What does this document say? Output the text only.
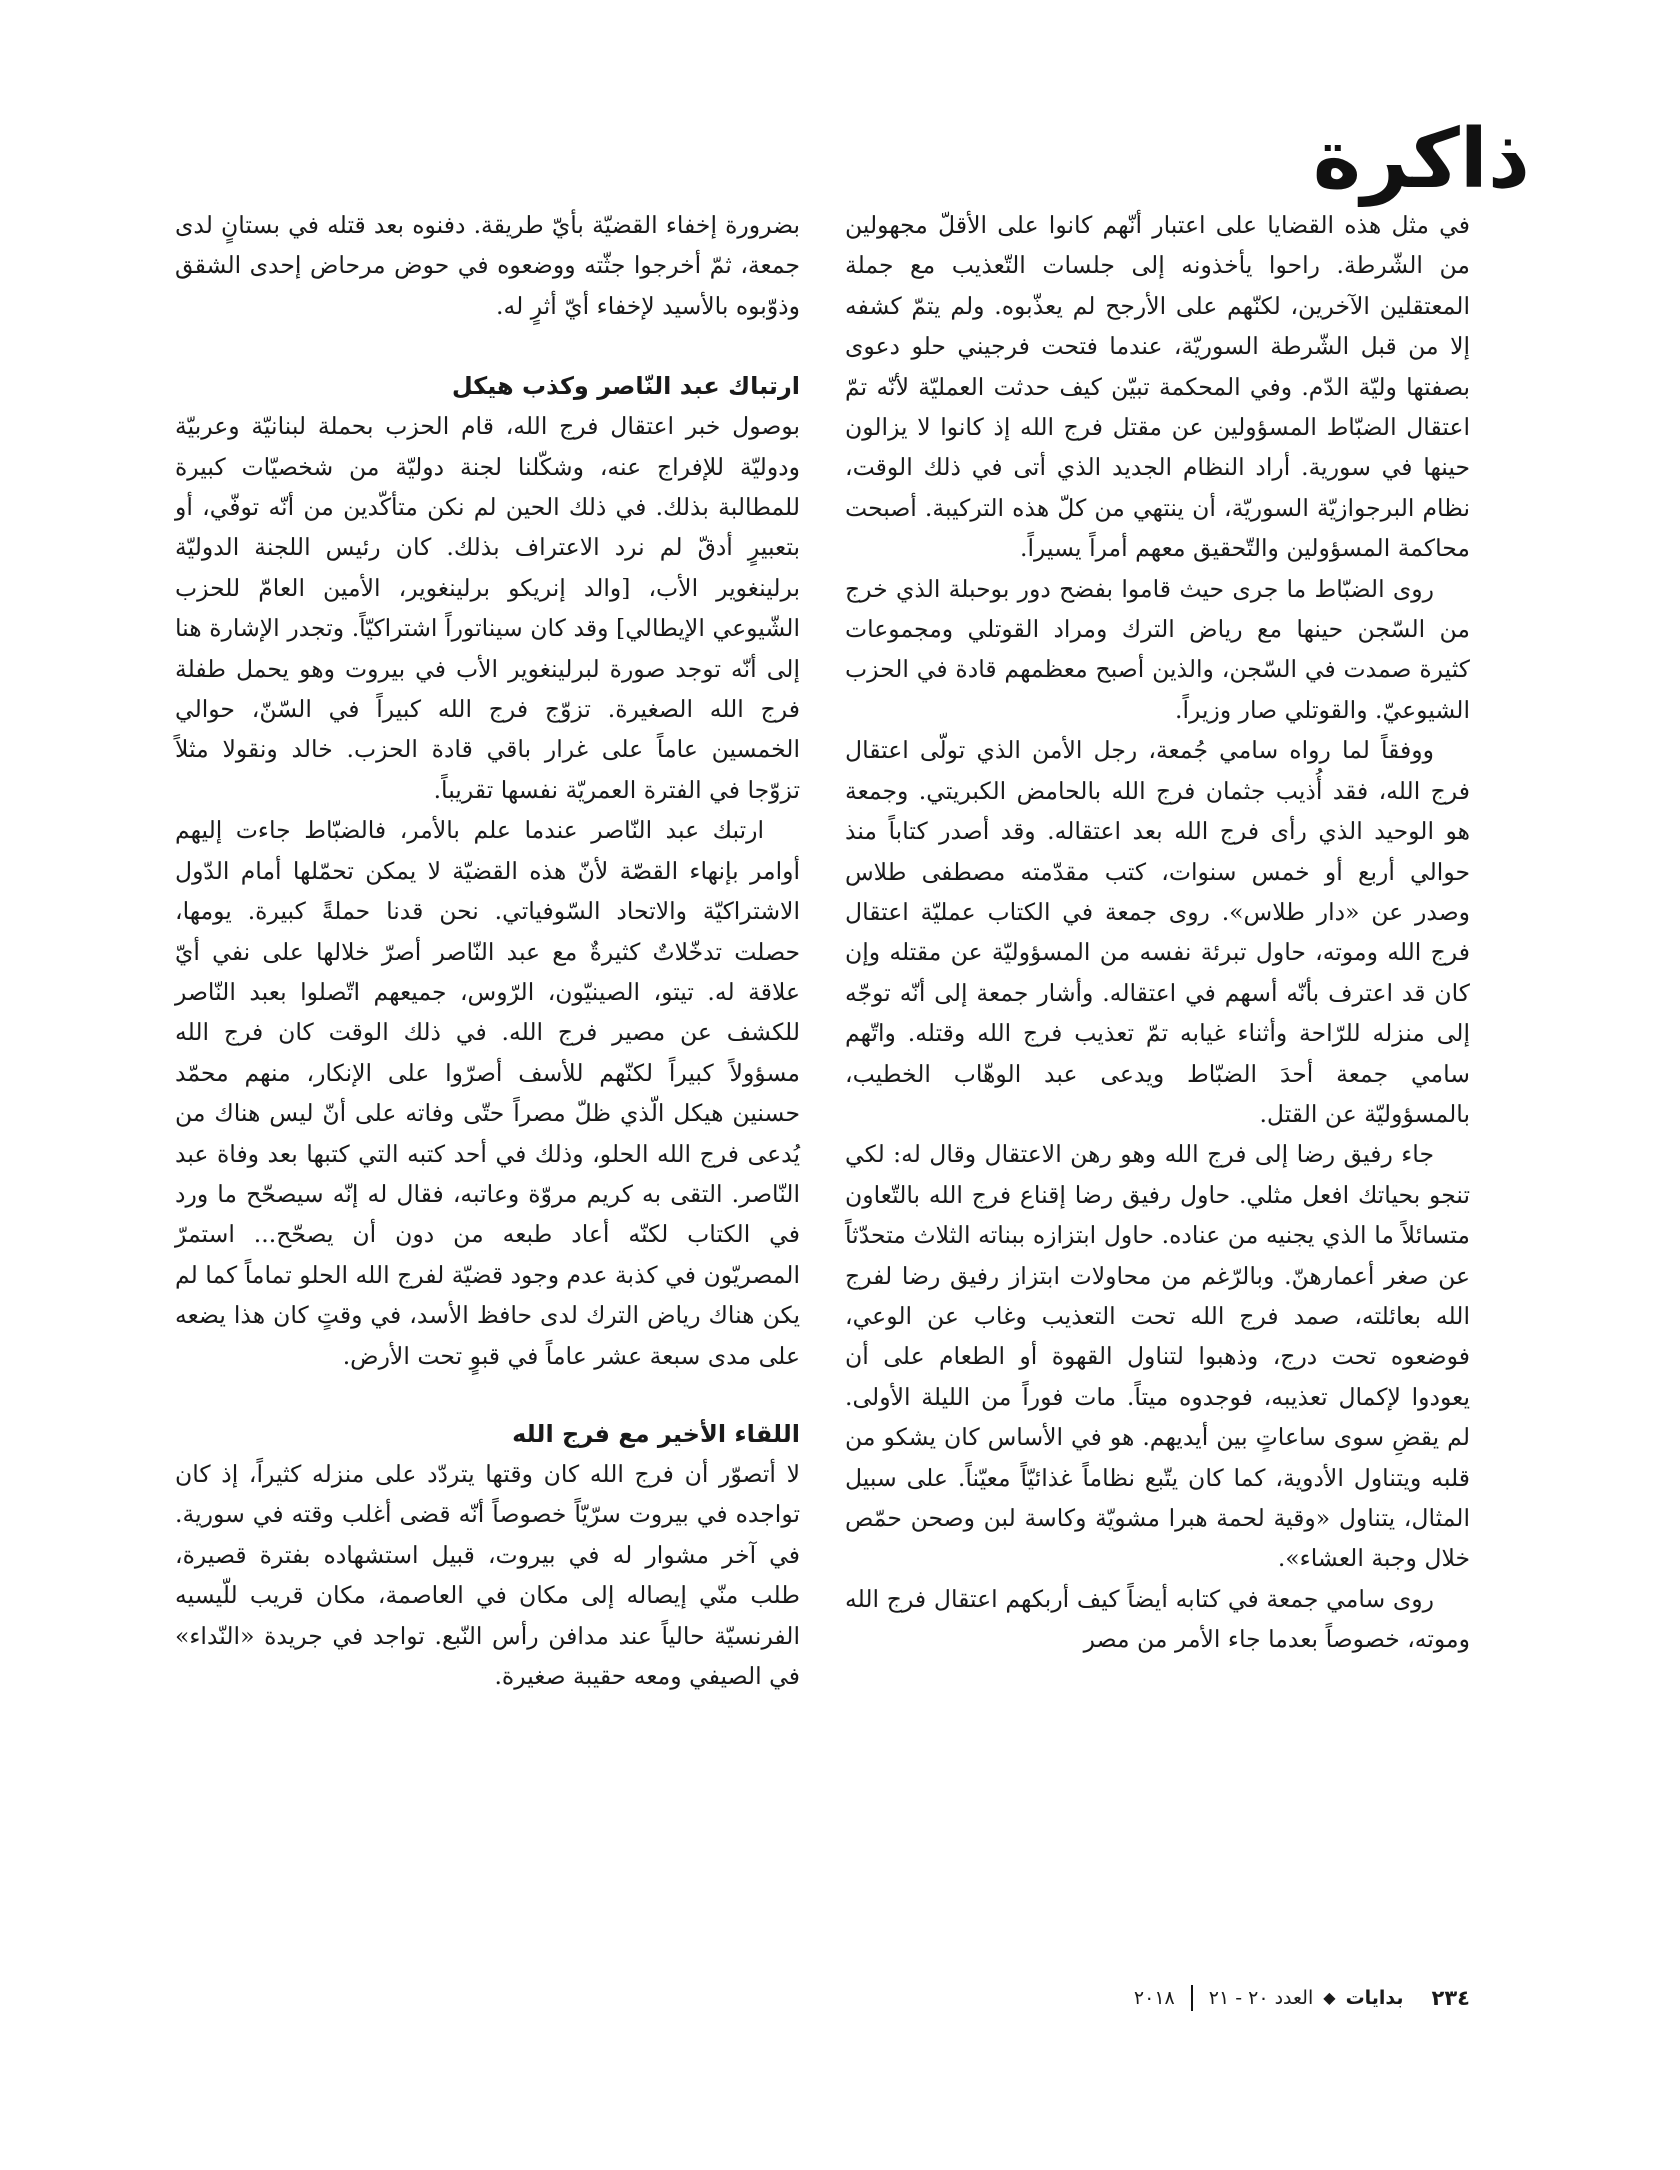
ذاكرة

في مثل هذه القضايا على اعتبار أنّهم كانوا على الأقلّ مجهولين من الشّرطة. راحوا يأخذونه إلى جلسات التّعذيب مع جملة المعتقلين الآخرين، لكنّهم على الأرجح لم يعذّبوه. ولم يتمّ كشفه إلا من قبل الشّرطة السوريّة، عندما فتحت فرجيني حلو دعوى بصفتها وليّة الدّم. وفي المحكمة تبيّن كيف حدثت العمليّة لأنّه تمّ اعتقال الضبّاط المسؤولين عن مقتل فرج الله إذ كانوا لا يزالون حينها في سورية. أراد النظام الجديد الذي أتى في ذلك الوقت، نظام البرجوازيّة السوريّة، أن ينتهي من كلّ هذه التركيبة. أصبحت محاكمة المسؤولين والتّحقيق معهم أمراً يسيراً.

روى الضبّاط ما جرى حيث قاموا بفضح دور بوحبلة الذي خرج من السّجن حينها مع رياض الترك ومراد القوتلي ومجموعات كثيرة صمدت في السّجن، والذين أصبح معظمهم قادة في الحزب الشيوعيّ. والقوتلي صار وزيراً.

ووفقاً لما رواه سامي جُمعة، رجل الأمن الذي تولّى اعتقال فرج الله، فقد أُذيب جثمان فرج الله بالحامض الكبريتي. وجمعة هو الوحيد الذي رأى فرج الله بعد اعتقاله. وقد أصدر كتاباً منذ حوالي أربع أو خمس سنوات، كتب مقدّمته مصطفى طلاس وصدر عن «دار طلاس». روى جمعة في الكتاب عمليّة اعتقال فرج الله وموته، حاول تبرئة نفسه من المسؤوليّة عن مقتله وإن كان قد اعترف بأنّه أسهم في اعتقاله. وأشار جمعة إلى أنّه توجّه إلى منزله للرّاحة وأثناء غيابه تمّ تعذيب فرج الله وقتله. واتّهم سامي جمعة أحدَ الضبّاط ويدعى عبد الوهّاب الخطيب، بالمسؤوليّة عن القتل.

جاء رفيق رضا إلى فرج الله وهو رهن الاعتقال وقال له: لكي تنجو بحياتك افعل مثلي. حاول رفيق رضا إقناع فرج الله بالتّعاون متسائلاً ما الذي يجنيه من عناده. حاول ابتزازه ببناته الثلاث متحدّثاً عن صغر أعمارهنّ. وبالرّغم من محاولات ابتزاز رفيق رضا لفرج الله بعائلته، صمد فرج الله تحت التعذيب وغاب عن الوعي، فوضعوه تحت درج، وذهبوا لتناول القهوة أو الطعام على أن يعودوا لإكمال تعذيبه، فوجدوه ميتاً. مات فوراً من الليلة الأولى. لم يقضِ سوى ساعاتٍ بين أيديهم. هو في الأساس كان يشكو من قلبه ويتناول الأدوية، كما كان يتّبع نظاماً غذائيّاً معيّناً. على سبيل المثال، يتناول «وقية لحمة هبرا مشويّة وكاسة لبن وصحن حمّص خلال وجبة العشاء».

روى سامي جمعة في كتابه أيضاً كيف أربكهم اعتقال فرج الله وموته، خصوصاً بعدما جاء الأمر من مصر

بضرورة إخفاء القضيّة بأيّ طريقة. دفنوه بعد قتله في بستانٍ لدى جمعة، ثمّ أخرجوا جثّته ووضعوه في حوض مرحاض إحدى الشقق وذوّبوه بالأسيد لإخفاء أيّ أثرٍ له.

ارتباك عبد النّاصر وكذب هيكل

بوصول خبر اعتقال فرج الله، قام الحزب بحملة لبنانيّة وعربيّة ودوليّة للإفراج عنه، وشكّلنا لجنة دوليّة من شخصيّات كبيرة للمطالبة بذلك. في ذلك الحين لم نكن متأكّدين من أنّه توفّي، أو بتعبيرٍ أدقّ لم نرد الاعتراف بذلك. كان رئيس اللجنة الدوليّة برلينغوير الأب، [والد إنريكو برلينغوير، الأمين العامّ للحزب الشّيوعي الإيطالي] وقد كان سيناتوراً اشتراكيّاً. وتجدر الإشارة هنا إلى أنّه توجد صورة لبرلينغوير الأب في بيروت وهو يحمل طفلة فرج الله الصغيرة. تزوّج فرج الله كبيراً في السّنّ، حوالي الخمسين عاماً على غرار باقي قادة الحزب. خالد ونقولا مثلاً تزوّجا في الفترة العمريّة نفسها تقريباً.

ارتبك عبد النّاصر عندما علم بالأمر، فالضبّاط جاءت إليهم أوامر بإنهاء القصّة لأنّ هذه القضيّة لا يمكن تحمّلها أمام الدّول الاشتراكيّة والاتحاد السّوفياتي. نحن قدنا حملةً كبيرة. يومها، حصلت تدخّلاتٌ كثيرةٌ مع عبد النّاصر أصرّ خلالها على نفي أيّ علاقة له. تيتو، الصينيّون، الرّوس، جميعهم اتّصلوا بعبد النّاصر للكشف عن مصير فرج الله. في ذلك الوقت كان فرج الله مسؤولاً كبيراً لكنّهم للأسف أصرّوا على الإنكار، منهم محمّد حسنين هيكل الّذي ظلّ مصراً حتّى وفاته على أنّ ليس هناك من يُدعى فرج الله الحلو، وذلك في أحد كتبه التي كتبها بعد وفاة عبد النّاصر. التقى به كريم مروّة وعاتبه، فقال له إنّه سيصحّح ما ورد في الكتاب لكنّه أعاد طبعه من دون أن يصحّح... استمرّ المصريّون في كذبة عدم وجود قضيّة لفرج الله الحلو تماماً كما لم يكن هناك رياض الترك لدى حافظ الأسد، في وقتٍ كان هذا يضعه على مدى سبعة عشر عاماً في قبوٍ تحت الأرض.

اللقاء الأخير مع فرج الله

لا أتصوّر أن فرج الله كان وقتها يتردّد على منزله كثيراً، إذ كان تواجده في بيروت سرّيّاً خصوصاً أنّه قضى أغلب وقته في سورية. في آخر مشوار له في بيروت، قبيل استشهاده بفترة قصيرة، طلب منّي إيصاله إلى مكان في العاصمة، مكان قريب للّيسيه الفرنسيّة حالياً عند مدافن رأس النّبع. تواجد في جريدة «النّداء» في الصيفي ومعه حقيبة صغيرة.

٢٣٤
بدايات
◆
العدد ٢٠ - ٢١
٢٠١٨
